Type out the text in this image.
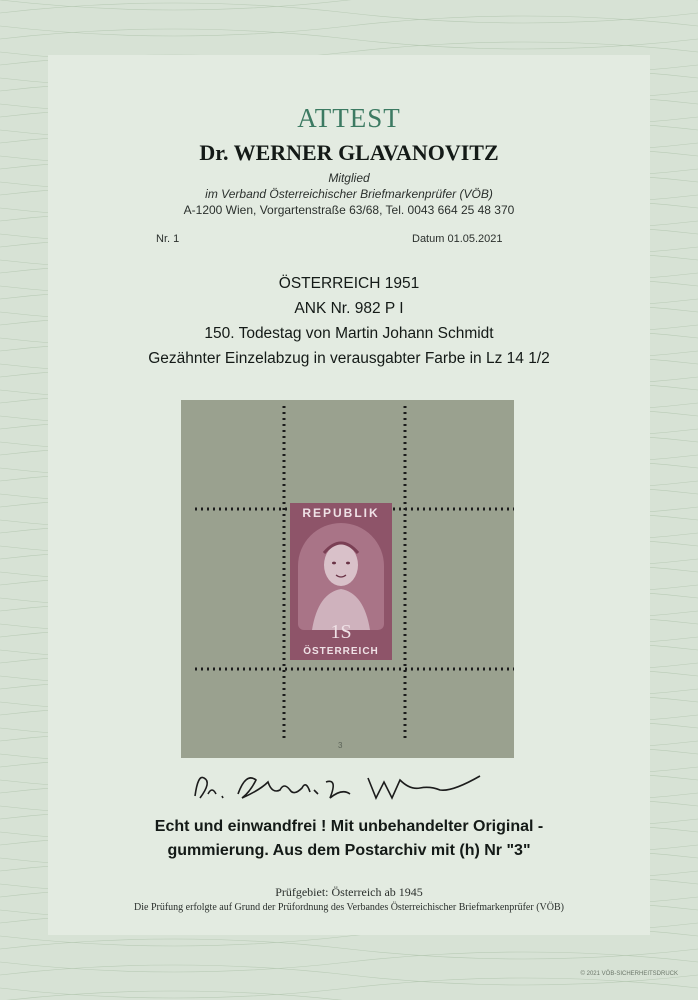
ATTEST
Dr. WERNER GLAVANOVITZ
Mitglied
im Verband Österreichischer Briefmarkenprüfer (VÖB)
A-1200 Wien, Vorgartenstraße 63/68, Tel. 0043 664 25 48 370
Nr. 1	Datum 01.05.2021
ÖSTERREICH 1951
ANK Nr. 982 P I
150. Todestag von Martin Johann Schmidt
Gezähnter Einzelabzug in verausgabter Farbe in Lz 14 1/2
REPUBLIK
1S
ÖSTERREICH
3
Echt und einwandfrei ! Mit unbehandelter Original -
gummierung. Aus dem Postarchiv mit (h) Nr "3"
Prüfgebiet: Österreich ab 1945
Die Prüfung erfolgte auf Grund der Prüfordnung des Verbandes Österreichischer Briefmarkenprüfer (VÖB)
© 2021 VÖB-SICHERHEITSDRUCK
